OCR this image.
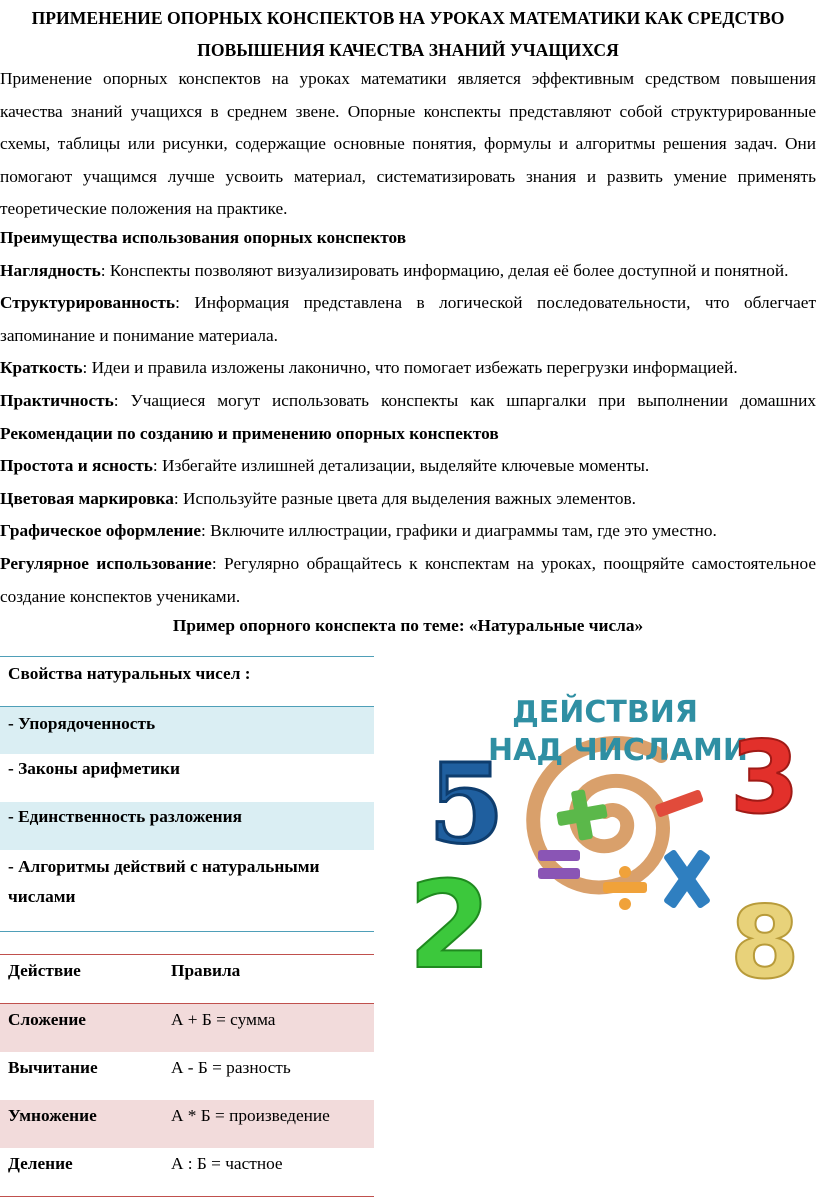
ПРИМЕНЕНИЕ ОПОРНЫХ КОНСПЕКТОВ НА УРОКАХ МАТЕМАТИКИ КАК СРЕДСТВО
ПОВЫШЕНИЯ КАЧЕСТВА ЗНАНИЙ УЧАЩИХСЯ

Применение опорных конспектов на уроках математики является эффективным средством повышения качества знаний учащихся в среднем звене. Опорные конспекты представляют собой структурированные схемы, таблицы или рисунки, содержащие основные понятия, формулы и алгоритмы решения задач. Они помогают учащимся лучше усвоить материал, систематизировать знания и развить умение применять теоретические положения на практике.

Преимущества использования опорных конспектов

Наглядность: Конспекты позволяют визуализировать информацию, делая её более доступной и понятной.

Структурированность: Информация представлена в логической последовательности, что облегчает запоминание и понимание материала.

Краткость: Идеи и правила изложены лаконично, что помогает избежать перегрузки информацией.

Практичность: Учащиеся могут использовать конспекты как шпаргалки при выполнении домашних

Рекомендации по созданию и применению опорных конспектов

Простота и ясность: Избегайте излишней детализации, выделяйте ключевые моменты.

Цветовая маркировка: Используйте разные цвета для выделения важных элементов.

Графическое оформление: Включите иллюстрации, графики и диаграммы там, где это уместно.

Регулярное использование: Регулярно обращайтесь к конспектам на уроках, поощряйте самостоятельное создание конспектов учениками.

Пример опорного конспекта по теме: «Натуральные числа»
Свойства натуральных чисел :
- Упорядоченность
- Законы арифметики
- Единственность разложения
- Алгоритмы действий с натуральными числами
Действие	Правила
Сложение	А + Б = сумма
Вычитание	А - Б = разность
Умножение	А * Б = произведение
Деление	А : Б = частное
ДЕЙСТВИЯ
НАД ЧИСЛАМИ
5 3
2 8
